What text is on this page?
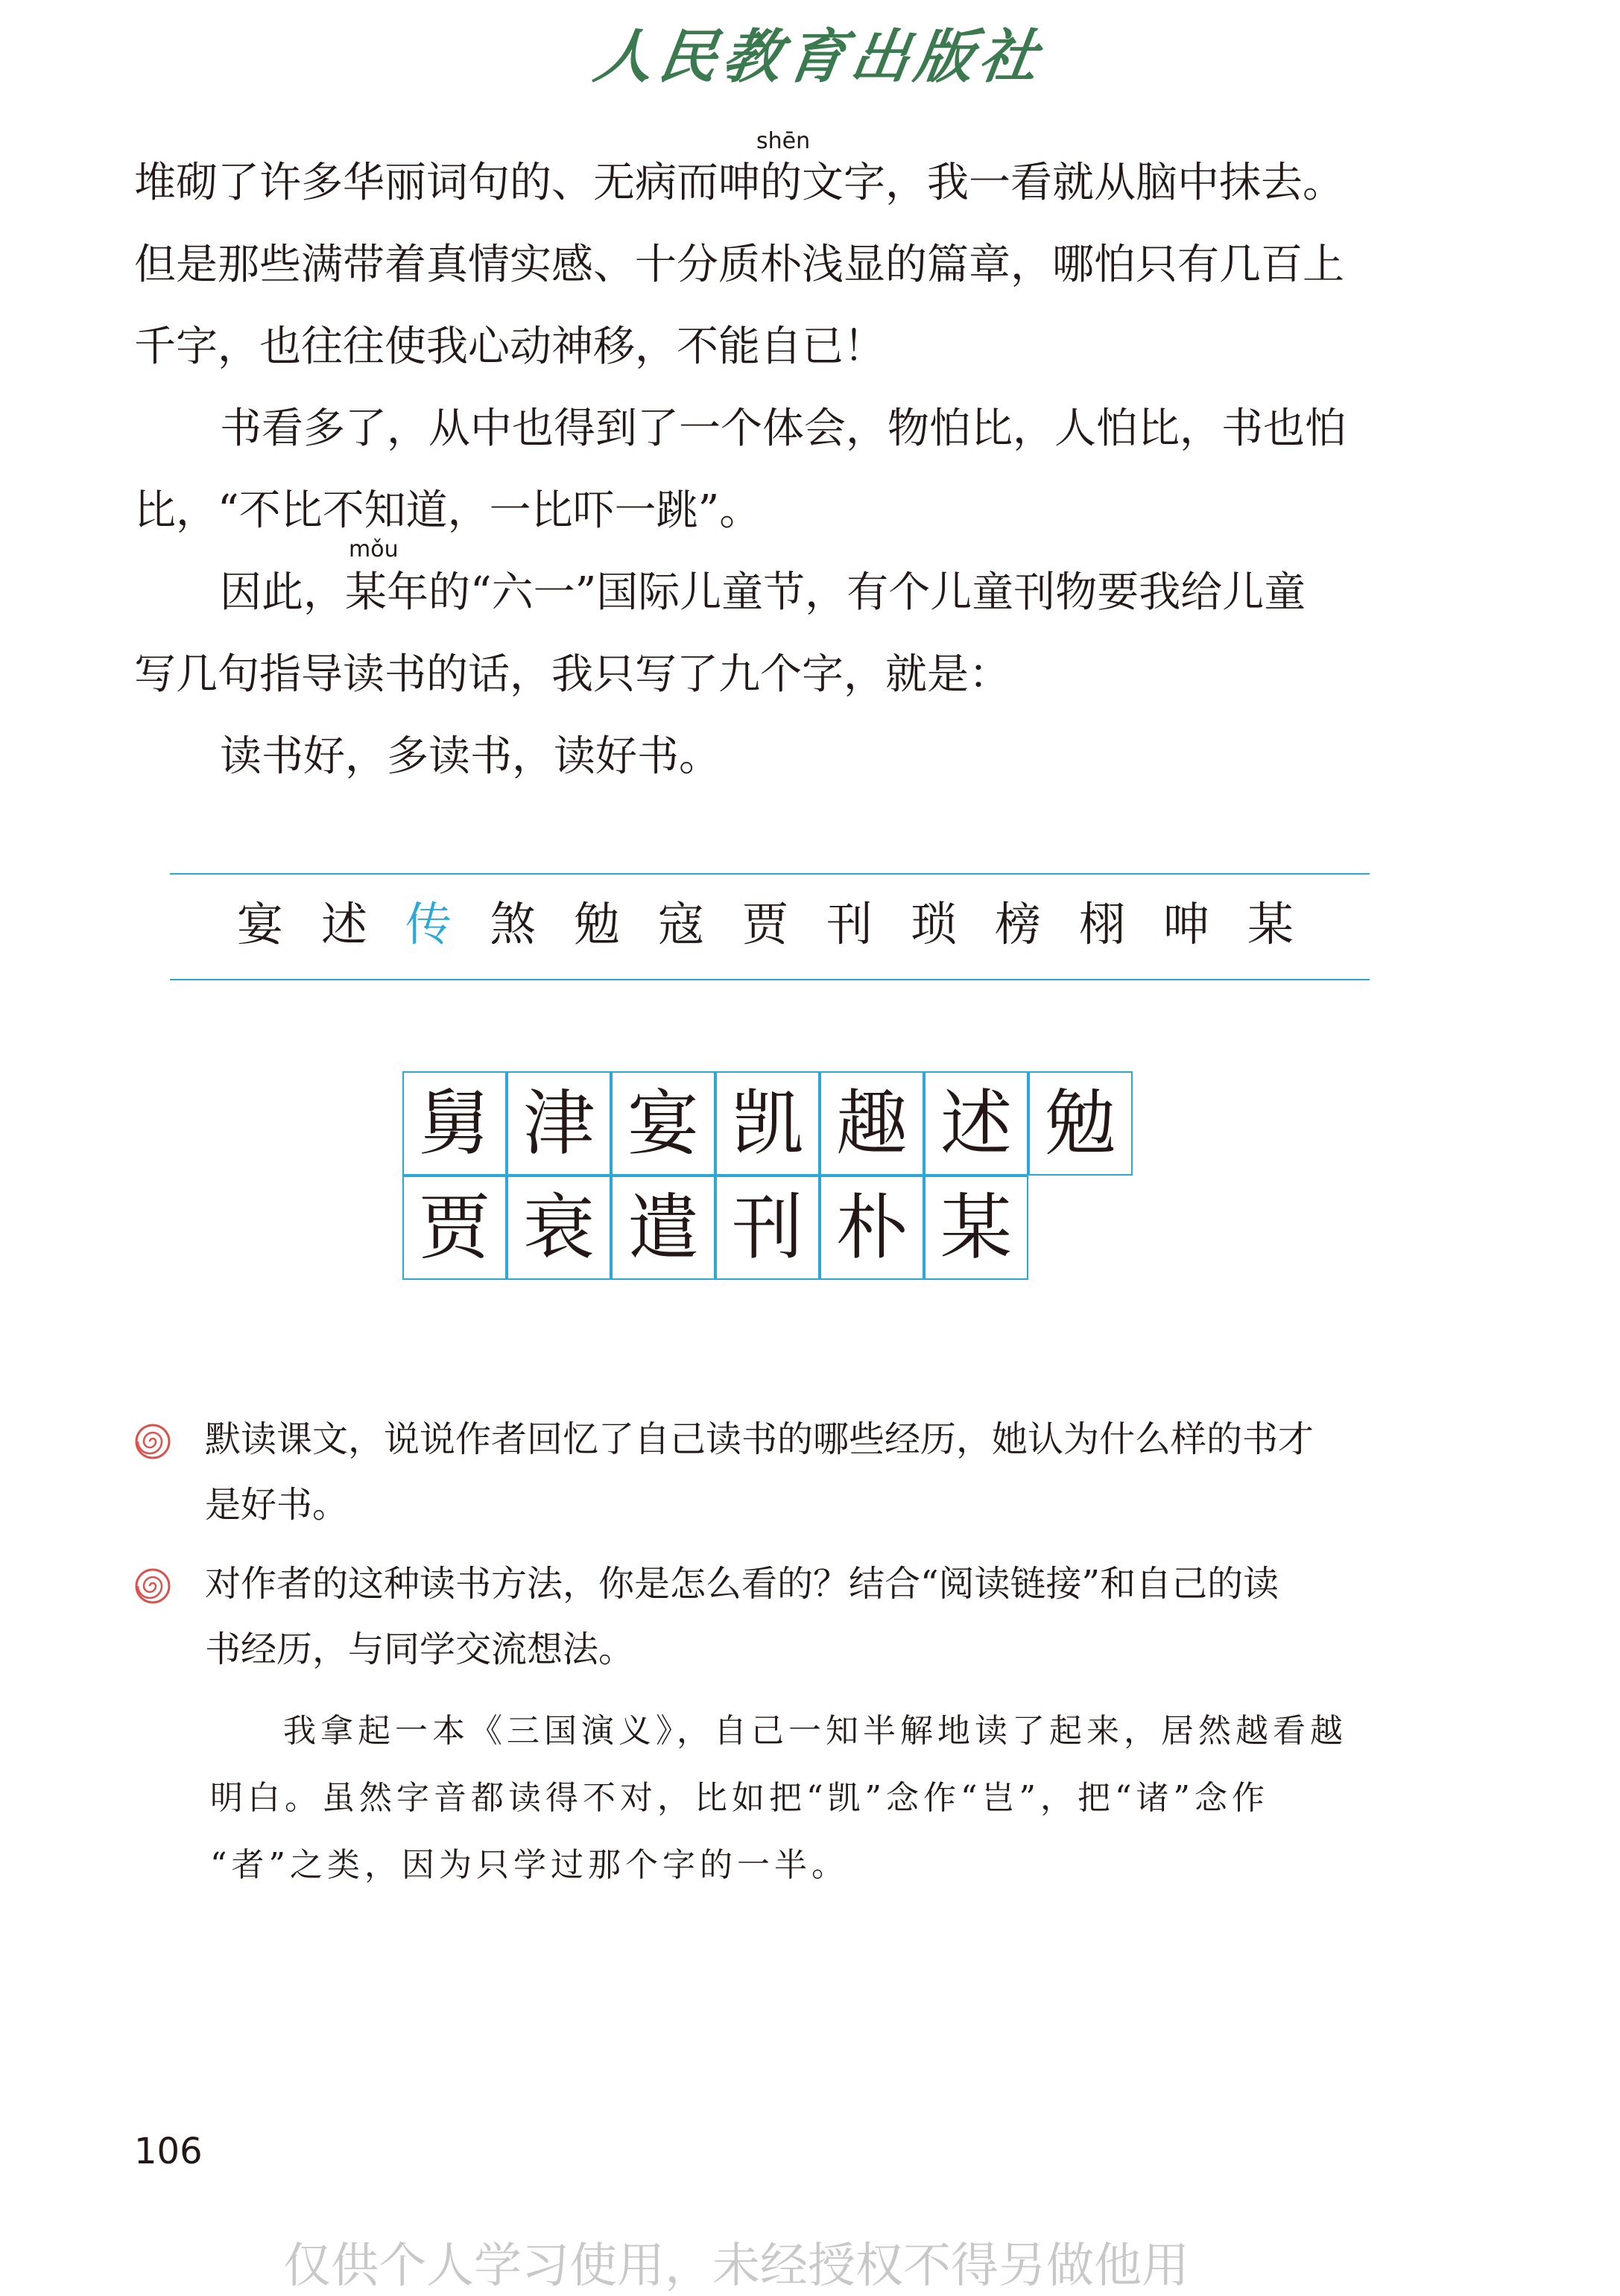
人民教育出版社
shēn
mǒu
堆砌了许多华丽词句的、无病而呻的文字，我一看就从脑中抹去。
但是那些满带着真情实感、十分质朴浅显的篇章，哪怕只有几百上
千字，也往往使我心动神移，不能自已！
书看多了，从中也得到了一个体会，物怕比，人怕比，书也怕
比，“不比不知道，一比吓一跳”。
因此，某年的“六一”国际儿童节，有个儿童刊物要我给儿童
写几句指导读书的话，我只写了九个字，就是：
读书好，多读书，读好书。
宴 述 传 煞 勉 寇 贾 刊 琐 榜 栩 呻 某
舅 津 宴 凯 趣 述 勉
贾 衰 遣 刊 朴 某
默读课文，说说作者回忆了自己读书的哪些经历，她认为什么样的书才
是好书。
对作者的这种读书方法，你是怎么看的？结合“阅读链接”和自己的读
书经历，与同学交流想法。
我拿起一本《三国演义》，自己一知半解地读了起来，居然越看越
明白。虽然字音都读得不对，比如把“凯”念作“岂”，把“诸”念作
“者”之类，因为只学过那个字的一半。
106
仅供个人学习使用，未经授权不得另做他用
